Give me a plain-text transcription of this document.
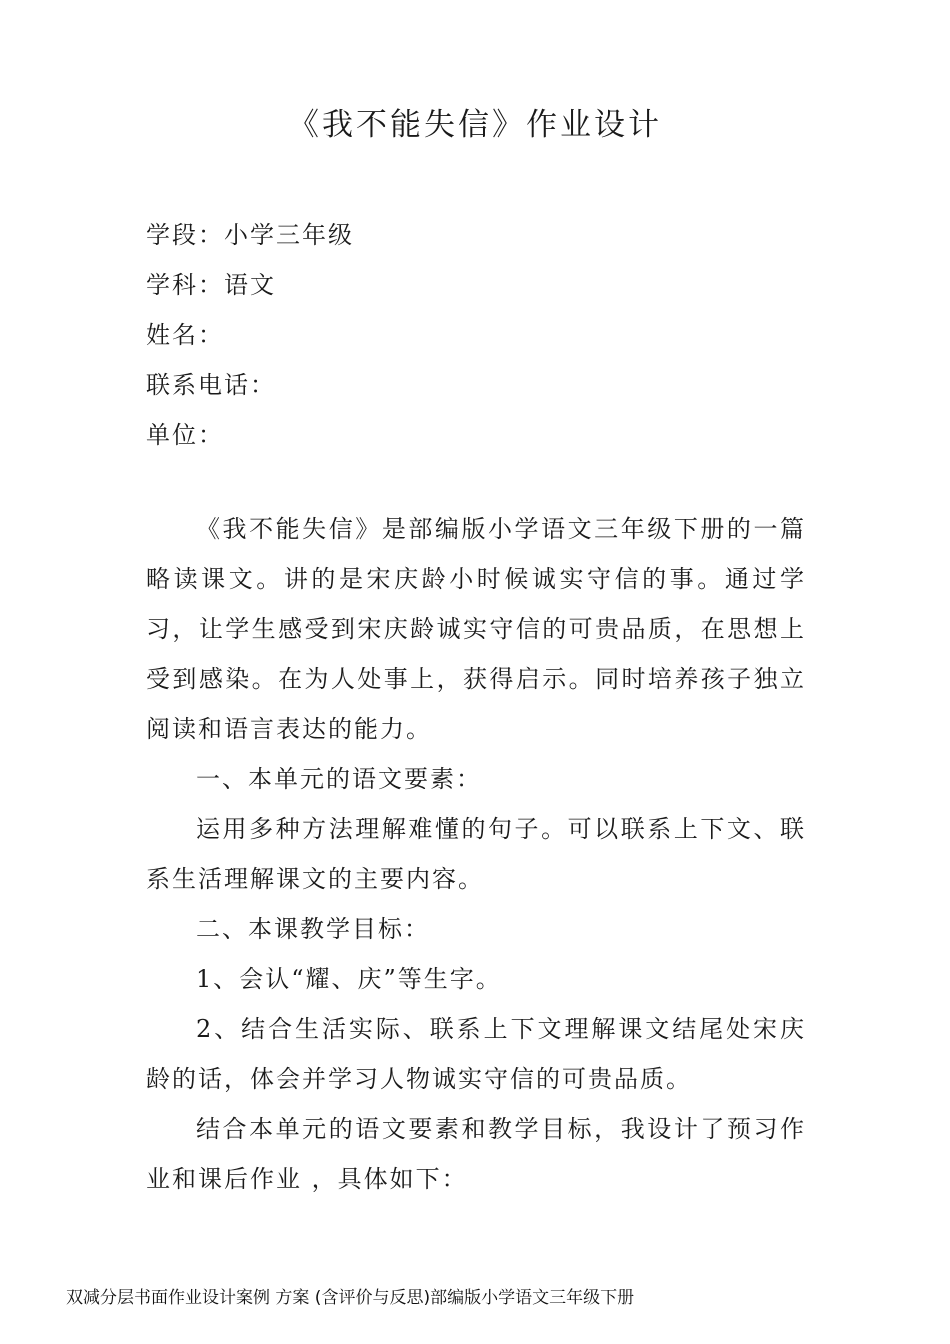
《我不能失信》作业设计
学段：小学三年级
学科：语文
姓名：
联系电话：
单位：

《我不能失信》是部编版小学语文三年级下册的一篇略读课文。讲的是宋庆龄小时候诚实守信的事。通过学习，让学生感受到宋庆龄诚实守信的可贵品质，在思想上受到感染。在为人处事上，获得启示。同时培养孩子独立阅读和语言表达的能力。

一、本单元的语文要素：

运用多种方法理解难懂的句子。可以联系上下文、联系生活理解课文的主要内容。

二、本课教学目标：

1、会认“耀、庆”等生字。

2、结合生活实际、联系上下文理解课文结尾处宋庆龄的话，体会并学习人物诚实守信的可贵品质。

结合本单元的语文要素和教学目标，我设计了预习作业和课后作业 ，具体如下：

双减分层书面作业设计案例 方案 (含评价与反思)部编版小学语文三年级下册
